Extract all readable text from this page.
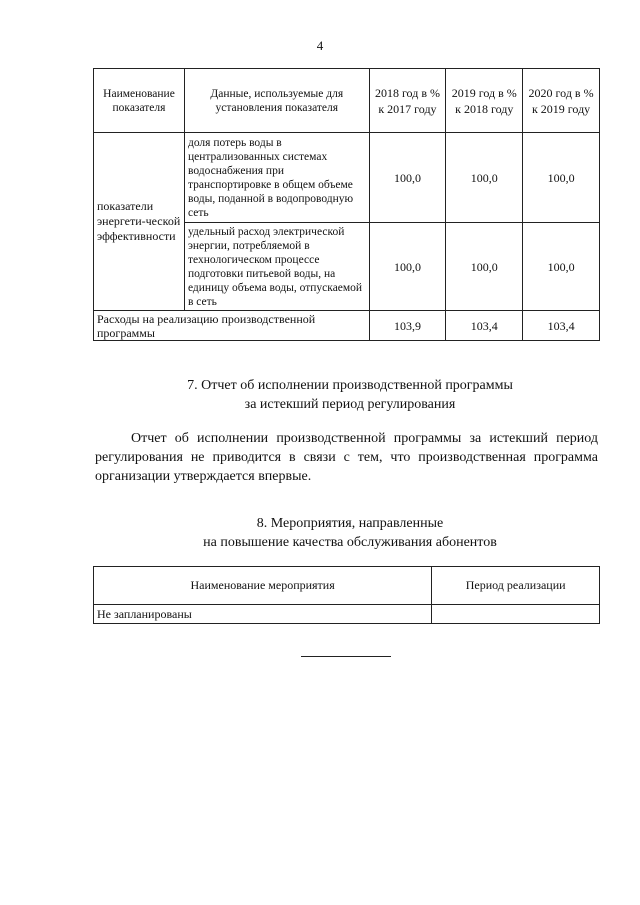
4
Наименование показателя	Данные, используемые для установления показателя	2018 год в % к 2017 году	2019 год в % к 2018 году	2020 год в % к 2019 году
показатели энергети-ческой эффективности	доля потерь воды в централизованных системах водоснабжения при транспортировке в общем объеме воды, поданной в водопроводную сеть	100,0	100,0	100,0
	удельный расход электрической энергии, потребляемой в технологическом процессе подготовки питьевой воды, на единицу объема воды, отпускаемой в сеть	100,0	100,0	100,0
Расходы на реализацию производственной программы		103,9	103,4	103,4
7. Отчет об исполнении производственной программы
за истекший период регулирования
Отчет об исполнении производственной программы за истекший период регулирования не приводится в связи с тем, что производственная программа организации утверждается впервые.
8. Мероприятия, направленные
на повышение качества обслуживания абонентов
Наименование мероприятия	Период реализации
Не запланированы	
